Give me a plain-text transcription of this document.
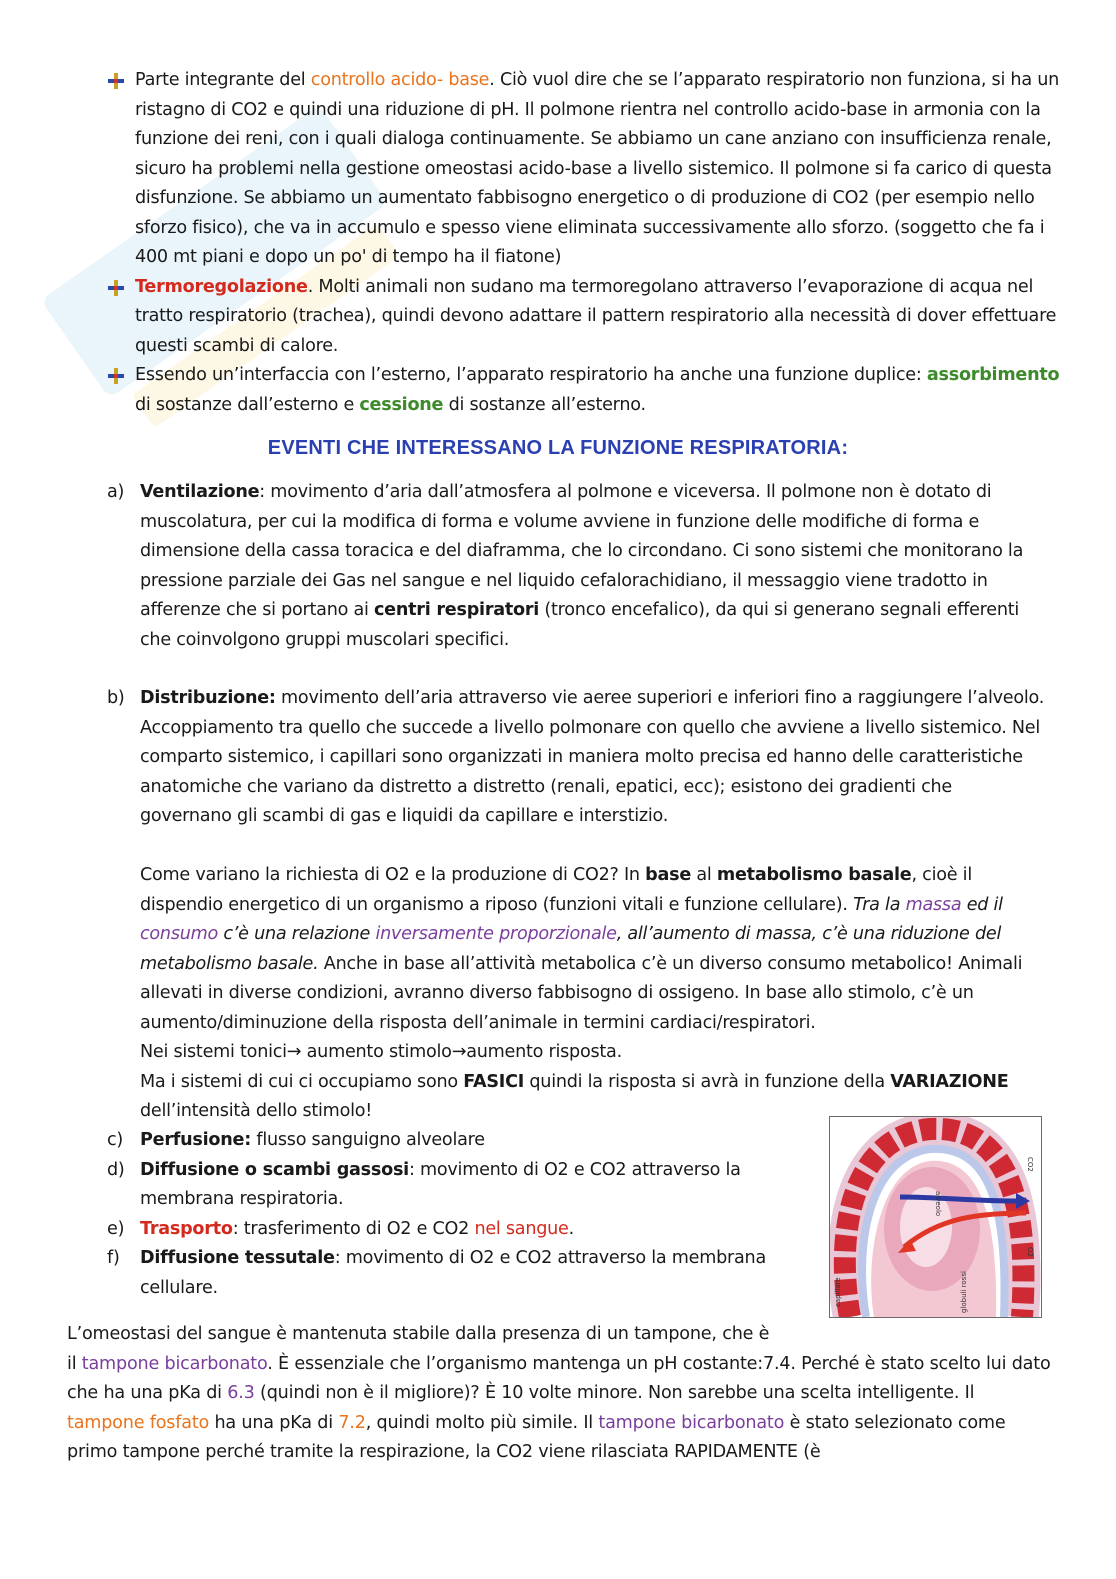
Parte integrante del controllo acido- base. Ciò vuol dire che se l’apparato respiratorio non funziona, si ha un ristagno di CO2 e quindi una riduzione di pH. Il polmone rientra nel controllo acido-base in armonia con la funzione dei reni, con i quali dialoga continuamente. Se abbiamo un cane anziano con insufficienza renale, sicuro ha problemi nella gestione omeostasi acido-base a livello sistemico. Il polmone si fa carico di questa disfunzione. Se abbiamo un aumentato fabbisogno energetico o di produzione di CO2 (per esempio nello sforzo fisico), che va in accumulo e spesso viene eliminata successivamente allo sforzo. (soggetto che fa i 400 mt piani e dopo un po' di tempo ha il fiatone)
Termoregolazione. Molti animali non sudano ma termoregolano attraverso l’evaporazione di acqua nel tratto respiratorio (trachea), quindi devono adattare il pattern respiratorio alla necessità di dover effettuare questi scambi di calore.
Essendo un’interfaccia con l’esterno, l’apparato respiratorio ha anche una funzione duplice: assorbimento di sostanze dall’esterno e cessione di sostanze all’esterno.
EVENTI CHE INTERESSANO LA FUNZIONE RESPIRATORIA:
a) Ventilazione: movimento d’aria dall’atmosfera al polmone e viceversa. Il polmone non è dotato di muscolatura, per cui la modifica di forma e volume avviene in funzione delle modifiche di forma e dimensione della cassa toracica e del diaframma, che lo circondano. Ci sono sistemi che monitorano la pressione parziale dei Gas nel sangue e nel liquido cefalorachidiano, il messaggio viene tradotto in afferenze che si portano ai centri respiratori (tronco encefalico), da qui si generano segnali efferenti che coinvolgono gruppi muscolari specifici.
b) Distribuzione: movimento dell’aria attraverso vie aeree superiori e inferiori fino a raggiungere l’alveolo. Accoppiamento tra quello che succede a livello polmonare con quello che avviene a livello sistemico. Nel comparto sistemico, i capillari sono organizzati in maniera molto precisa ed hanno delle caratteristiche anatomiche che variano da distretto a distretto (renali, epatici, ecc); esistono dei gradienti che governano gli scambi di gas e liquidi da capillare e interstizio.
Come variano la richiesta di O2 e la produzione di CO2? In base al metabolismo basale, cioè il dispendio energetico di un organismo a riposo (funzioni vitali e funzione cellulare). Tra la massa ed il consumo c’è una relazione inversamente proporzionale, all’aumento di massa, c’è una riduzione del metabolismo basale. Anche in base all’attività metabolica c’è un diverso consumo metabolico! Animali allevati in diverse condizioni, avranno diverso fabbisogno di ossigeno. In base allo stimolo, c’è un aumento/diminuzione della risposta dell’animale in termini cardiaci/respiratori.
Nei sistemi tonici→ aumento stimolo→aumento risposta.
Ma i sistemi di cui ci occupiamo sono FASICI quindi la risposta si avrà in funzione della VARIAZIONE dell’intensità dello stimolo!
c) Perfusione: flusso sanguigno alveolare
d) Diffusione o scambi gassosi: movimento di O2 e CO2 attraverso la membrana respiratoria.
e) Trasporto: trasferimento di O2 e CO2 nel sangue.
f) Diffusione tessutale: movimento di O2 e CO2 attraverso la membrana cellulare.
alveolo
CO2
O2
capillare	globuli rossi
L’omeostasi del sangue è mantenuta stabile dalla presenza di un tampone, che è
il tampone bicarbonato. È essenziale che l’organismo mantenga un pH costante:7.4. Perché è stato scelto lui dato che ha una pKa di 6.3 (quindi non è il migliore)? È 10 volte minore. Non sarebbe una scelta intelligente. Il tampone fosfato ha una pKa di 7.2, quindi molto più simile. Il tampone bicarbonato è stato selezionato come primo tampone perché tramite la respirazione, la CO2 viene rilasciata RAPIDAMENTE (è
